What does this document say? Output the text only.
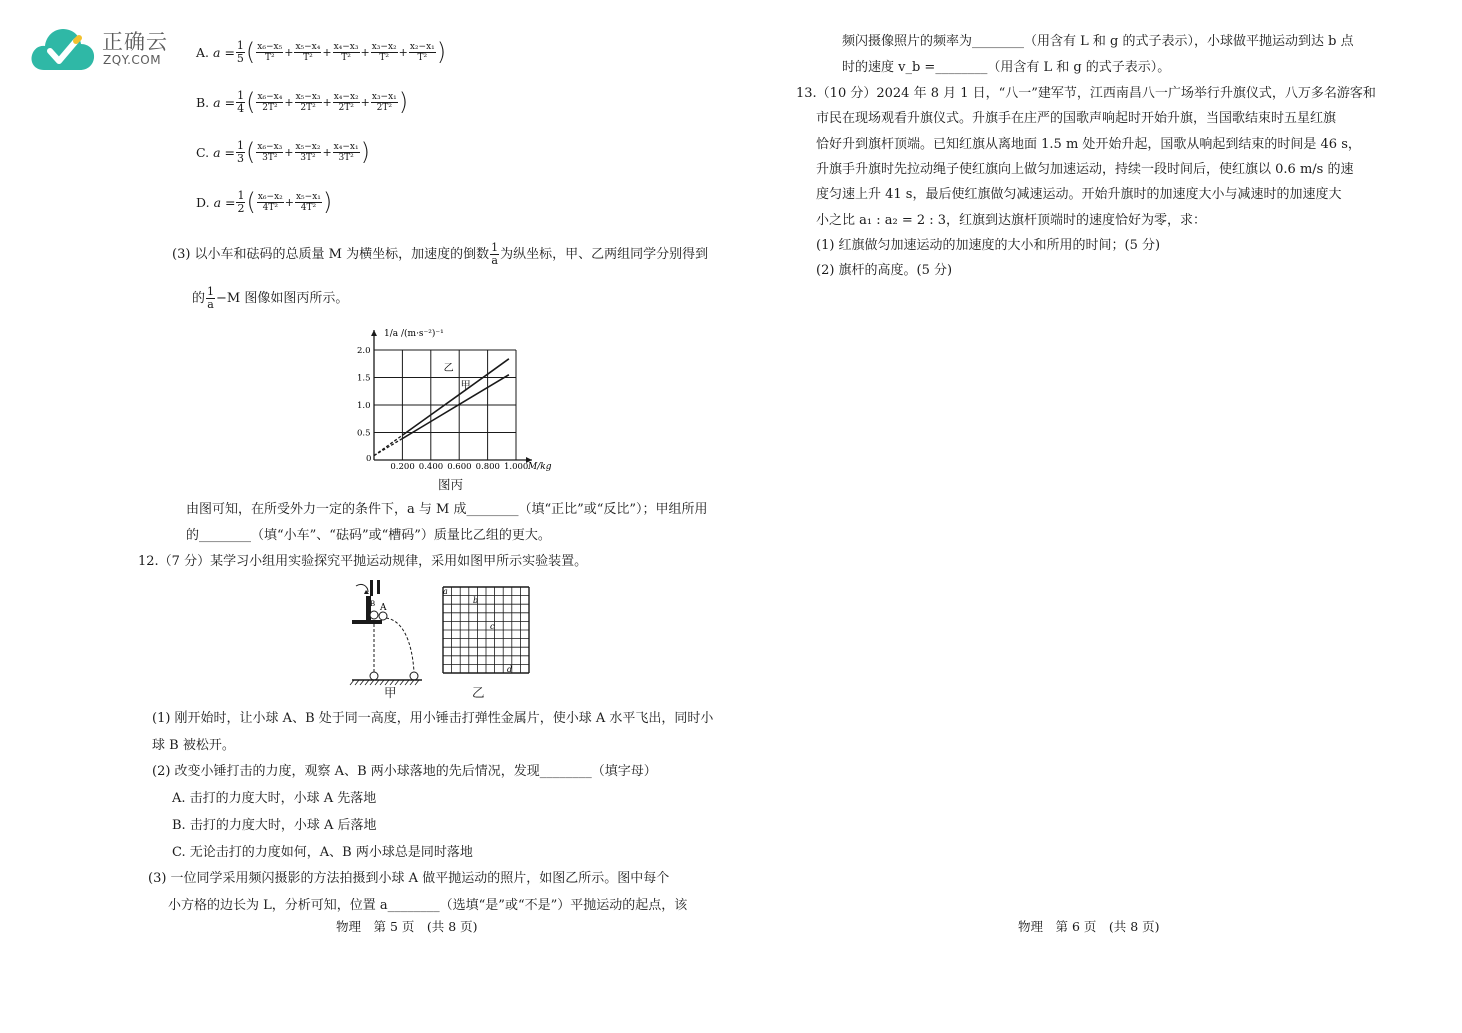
正确云
ZQY.COM
A. $a = \frac{1}{5}$ ( $\frac{\text{x₆−x₅}}{\text{T²}} + \frac{\text{x₅−x₄}}{\text{T²}} + \frac{\text{x₄−x₃}}{\text{T²}} + \frac{\text{x₃−x₂}}{\text{T²}} + \frac{\text{x₂−x₁}}{\text{T²}}$ )
B. $a = \frac{1}{4}$ ( $\frac{\text{x₆−x₄}}{\text{2T²}} + \frac{\text{x₅−x₃}}{\text{2T²}} + \frac{\text{x₄−x₂}}{\text{2T²}} + \frac{\text{x₃−x₁}}{\text{2T²}}$ )
C. $a = \frac{1}{3}$ ( $\frac{\text{x₆−x₃}}{\text{3T²}} + \frac{\text{x₅−x₂}}{\text{3T²}} + \frac{\text{x₄−x₁}}{\text{3T²}}$ )
D. $a = \frac{1}{2}$ ( $\frac{\text{x₆−x₂}}{\text{4T²}} + \frac{\text{x₅−x₁}}{\text{4T²}}$ )
(3) 以小车和砝码的总质量 M 为横坐标，加速度的倒数 $\frac{1}{a}$ 为纵坐标，甲、乙两组同学分别得到
的 $\frac{1}{a} -M$ 图像如图丙所示。
0
0.200 0.400 0.600 0.800 1.000
0.5
1.0
1.5
2.0
乙
甲
1/a /(m·s⁻²)⁻¹
M/kg
图丙
由图可知，在所受外力一定的条件下，a 与 M 成________（填“正比”或“反比”）；甲组所用
的________（填“小车”、“砝码”或“槽码”）质量比乙组的更大。
12.（7 分）某学习小组用实验探究平抛运动规律，采用如图甲所示实验装置。
A
B
甲
a
b
c
d
乙
(1) 刚开始时，让小球 A、B 处于同一高度，用小锤击打弹性金属片，使小球 A 水平飞出，同时小
球 B 被松开。
(2) 改变小锤打击的力度，观察 A、B 两小球落地的先后情况，发现________（填字母）
A. 击打的力度大时，小球 A 先落地
B. 击打的力度大时，小球 A 后落地
C. 无论击打的力度如何，A、B 两小球总是同时落地
(3) 一位同学采用频闪摄影的方法拍摄到小球 A 做平抛运动的照片，如图乙所示。图中每个
小方格的边长为 L，分析可知，位置 a________（选填“是”或“不是”）平抛运动的起点，该
物理　第 5 页　(共 8 页)
频闪摄像照片的频率为________（用含有 L 和 g 的式子表示），小球做平抛运动到达 b 点
时的速度 v_b =________（用含有 L 和 g 的式子表示）。
13.（10 分）2024 年 8 月 1 日，“八一”建军节，江西南昌八一广场举行升旗仪式，八万多名游客和
市民在现场观看升旗仪式。升旗手在庄严的国歌声响起时开始升旗，当国歌结束时五星红旗
恰好升到旗杆顶端。已知红旗从离地面 1.5 m 处开始升起，国歌从响起到结束的时间是 46 s，
升旗手升旗时先拉动绳子使红旗向上做匀加速运动，持续一段时间后，使红旗以 0.6 m/s 的速
度匀速上升 41 s，最后使红旗做匀减速运动。开始升旗时的加速度大小与减速时的加速度大
小之比 a₁ : a₂ = 2 : 3，红旗到达旗杆顶端时的速度恰好为零，求：
(1) 红旗做匀加速运动的加速度的大小和所用的时间；(5 分)
(2) 旗杆的高度。(5 分)
物理　第 6 页　(共 8 页)
